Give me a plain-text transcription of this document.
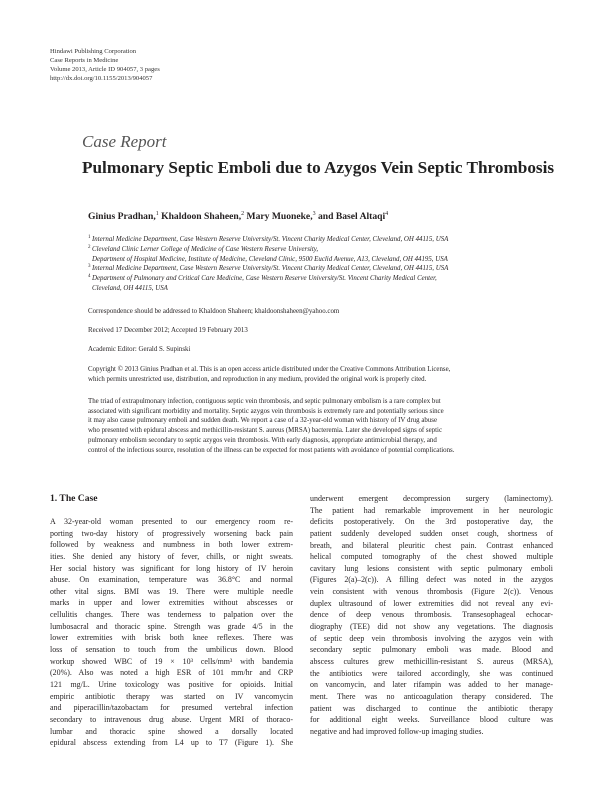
Hindawi Publishing Corporation
Case Reports in Medicine
Volume 2013, Article ID 904057, 3 pages
http://dx.doi.org/10.1155/2013/904057
Case Report
Pulmonary Septic Emboli due to Azygos Vein Septic Thrombosis
Ginius Pradhan,$^1$ Khaldoon Shaheen,$^2$ Mary Muoneke,$^3$ and Basel Altaqi$^4$
1 Internal Medicine Department, Case Western Reserve University/St. Vincent Charity Medical Center, Cleveland, OH 44115, USA
2 Cleveland Clinic Lerner College of Medicine of Case Western Reserve University,
Department of Hospital Medicine, Institute of Medicine, Cleveland Clinic, 9500 Euclid Avenue, A13, Cleveland, OH 44195, USA
3 Internal Medicine Department, Case Western Reserve University/St. Vincent Charity Medical Center, Cleveland, OH 44115, USA
4 Department of Pulmonary and Critical Care Medicine, Case Western Reserve University/St. Vincent Charity Medical Center,
Cleveland, OH 44115, USA
Correspondence should be addressed to Khaldoon Shaheen; khaldoonshaheen@yahoo.com
Received 17 December 2012; Accepted 19 February 2013
Academic Editor: Gerald S. Supinski
Copyright © 2013 Ginius Pradhan et al. This is an open access article distributed under the Creative Commons Attribution License,
which permits unrestricted use, distribution, and reproduction in any medium, provided the original work is properly cited.
The triad of extrapulmonary infection, contiguous septic vein thrombosis, and septic pulmonary embolism is a rare complex but
associated with significant morbidity and mortality. Septic azygos vein thrombosis is extremely rare and potentially serious since
it may also cause pulmonary emboli and sudden death. We report a case of a 32-year-old woman with history of IV drug abuse
who presented with epidural abscess and methicillin-resistant S. aureus (MRSA) bacteremia. Later she developed signs of septic
pulmonary embolism secondary to septic azygos vein thrombosis. With early diagnosis, appropriate antimicrobial therapy, and
control of the infectious source, resolution of the illness can be expected for most patients with avoidance of potential complications.
1. The Case
A 32-year-old woman presented to our emergency room re-
porting two-day history of progressively worsening back pain
followed by weakness and numbness in both lower extrem-
ities. She denied any history of fever, chills, or night sweats.
Her social history was significant for long history of IV heroin
abuse. On examination, temperature was 36.8°C and normal
other vital signs. BMI was 19. There were multiple needle
marks in upper and lower extremities without abscesses or
cellulitis changes. There was tenderness to palpation over the
lumbosacral and thoracic spine. Strength was grade 4/5 in the
lower extremities with brisk both knee reflexes. There was
loss of sensation to touch from the umbilicus down. Blood
workup showed WBC of 19 × 10³ cells/mm³ with bandemia
(20%). Also was noted a high ESR of 101 mm/hr and CRP
121 mg/L. Urine toxicology was positive for opioids. Initial
empiric antibiotic therapy was started on IV vancomycin
and piperacillin/tazobactam for presumed vertebral infection
secondary to intravenous drug abuse. Urgent MRI of thoraco-
lumbar and thoracic spine showed a dorsally located
epidural abscess extending from L4 up to T7 (Figure 1). She
underwent emergent decompression surgery (laminectomy).
The patient had remarkable improvement in her neurologic
deficits postoperatively. On the 3rd postoperative day, the
patient suddenly developed sudden onset cough, shortness of
breath, and bilateral pleuritic chest pain. Contrast enhanced
helical computed tomography of the chest showed multiple
cavitary lung lesions consistent with septic pulmonary emboli
(Figures 2(a)–2(c)). A filling defect was noted in the azygos
vein consistent with venous thrombosis (Figure 2(c)). Venous
duplex ultrasound of lower extremities did not reveal any evi-
dence of deep venous thrombosis. Transesophageal echocar-
diography (TEE) did not show any vegetations. The diagnosis
of septic deep vein thrombosis involving the azygos vein with
secondary septic pulmonary emboli was made. Blood and
abscess cultures grew methicillin-resistant S. aureus (MRSA),
the antibiotics were tailored accordingly, she was continued
on vancomycin, and later rifampin was added to her manage-
ment. There was no anticoagulation therapy considered. The
patient was discharged to continue the antibiotic therapy
for additional eight weeks. Surveillance blood culture was
negative and had improved follow-up imaging studies.
